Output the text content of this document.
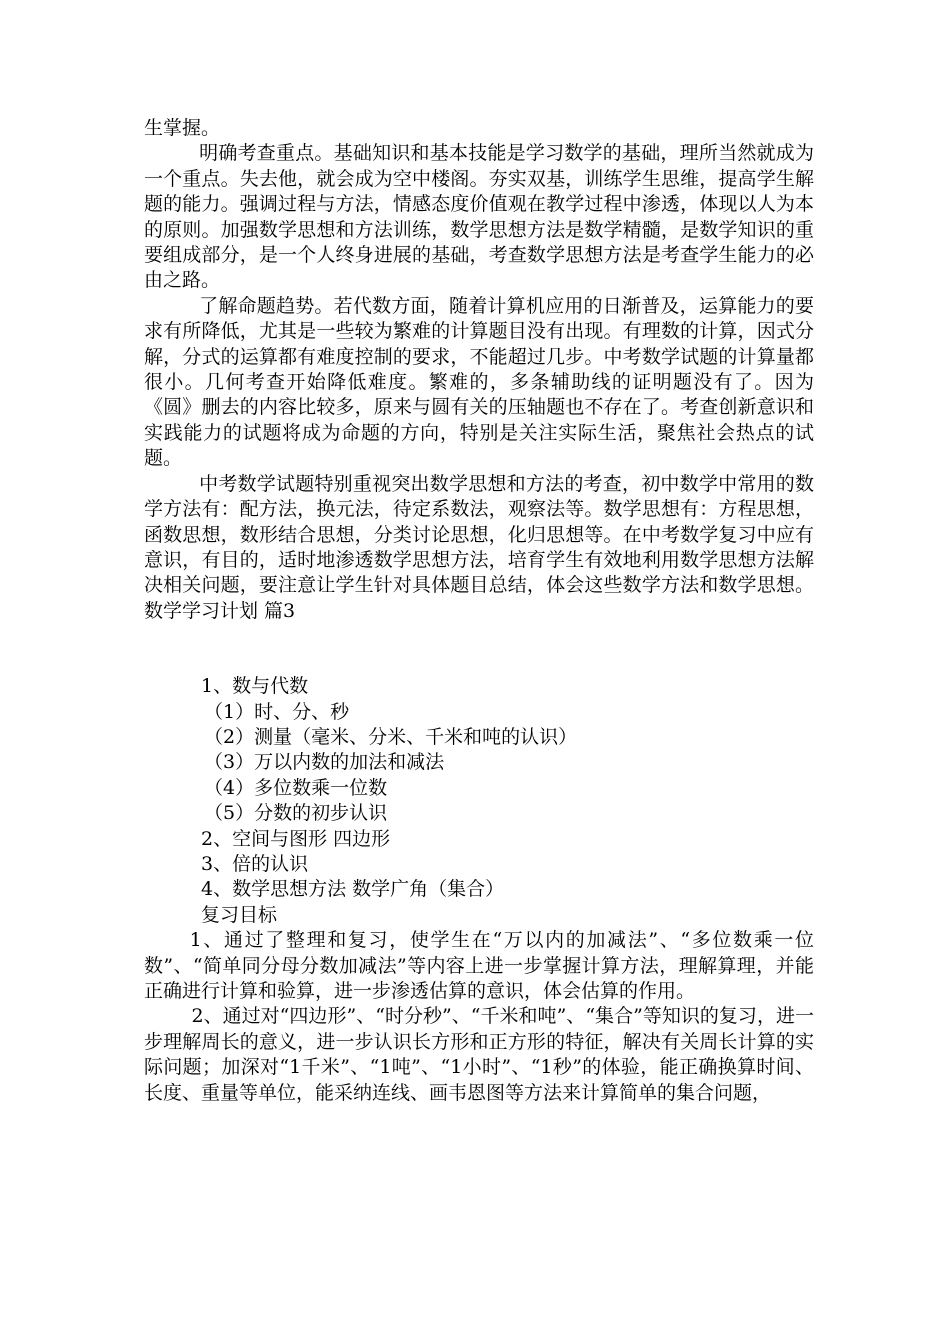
生掌握。

明确考查重点。基础知识和基本技能是学习数学的基础，理所当然就成为一个重点。失去他，就会成为空中楼阁。夯实双基，训练学生思维，提高学生解题的能力。强调过程与方法，情感态度价值观在教学过程中渗透，体现以人为本的原则。加强数学思想和方法训练，数学思想方法是数学精髓，是数学知识的重要组成部分，是一个人终身进展的基础，考查数学思想方法是考查学生能力的必由之路。

了解命题趋势。若代数方面，随着计算机应用的日渐普及，运算能力的要求有所降低，尤其是一些较为繁难的计算题目没有出现。有理数的计算，因式分解，分式的运算都有难度控制的要求，不能超过几步。中考数学试题的计算量都很小。几何考查开始降低难度。繁难的，多条辅助线的证明题没有了。因为《圆》删去的内容比较多，原来与圆有关的压轴题也不存在了。考查创新意识和实践能力的试题将成为命题的方向，特别是关注实际生活，聚焦社会热点的试题。

中考数学试题特别重视突出数学思想和方法的考查，初中数学中常用的数学方法有：配方法，换元法，待定系数法，观察法等。数学思想有：方程思想，函数思想，数形结合思想，分类讨论思想，化归思想等。在中考数学复习中应有意识，有目的，适时地渗透数学思想方法，培育学生有效地利用数学思想方法解决相关问题，要注意让学生针对具体题目总结，体会这些数学方法和数学思想。数学学习计划 篇3

1、数与代数
（1）时、分、秒
（2）测量（毫米、分米、千米和吨的认识）
（3）万以内数的加法和减法
（4）多位数乘一位数
（5）分数的初步认识
2、空间与图形 四边形
3、倍的认识
4、数学思想方法 数学广角（集合）
复习目标

1、通过了整理和复习，使学生在“万以内的加减法”、“多位数乘一位数”、“简单同分母分数加减法”等内容上进一步掌握计算方法，理解算理，并能正确进行计算和验算，进一步渗透估算的意识，体会估算的作用。

2、通过对“四边形”、“时分秒”、“千米和吨”、“集合”等知识的复习，进一步理解周长的意义，进一步认识长方形和正方形的特征，解决有关周长计算的实际问题；加深对“1千米”、“1吨”、“1小时”、“1秒”的体验，能正确换算时间、长度、重量等单位，能采纳连线、画韦恩图等方法来计算简单的集合问题，
